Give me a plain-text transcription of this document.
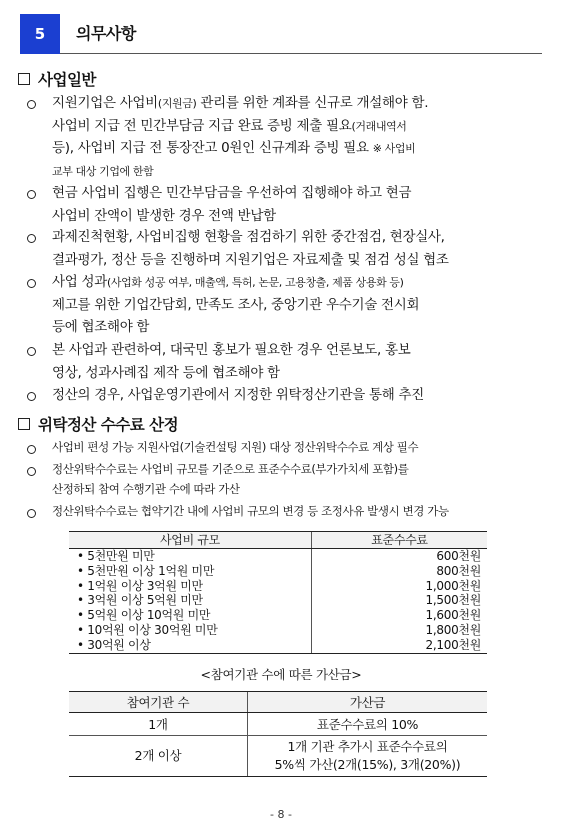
5	의무사항
사업일반
지원기업은 사업비(지원금) 관리를 위한 계좌를 신규로 개설해야 함.
사업비 지급 전 민간부담금 지급 완료 증빙 제출 필요(거래내역서
등), 사업비 지급 전 통장잔고 0원인 신규계좌 증빙 필요 ※ 사업비
교부 대상 기업에 한함
현금 사업비 집행은 민간부담금을 우선하여 집행해야 하고 현금
사업비 잔액이 발생한 경우 전액 반납함
과제진척현황, 사업비집행 현황을 점검하기 위한 중간점검, 현장실사,
결과평가, 정산 등을 진행하며 지원기업은 자료제출 및 점검 성실 협조
사업 성과(사업화 성공 여부, 매출액, 특허, 논문, 고용창출, 제품 상용화 등)
제고를 위한 기업간담회, 만족도 조사, 중앙기관 우수기술 전시회
등에 협조해야 함
본 사업과 관련하여, 대국민 홍보가 필요한 경우 언론보도, 홍보
영상, 성과사례집 제작 등에 협조해야 함
정산의 경우, 사업운영기관에서 지정한 위탁정산기관을 통해 추진
위탁정산 수수료 산정
사업비 편성 가능 지원사업(기술컨설팅 지원) 대상 정산위탁수수료 계상 필수
정산위탁수수료는 사업비 규모를 기준으로 표준수수료(부가가치세 포함)를
산정하되 참여 수행기관 수에 따라 가산
정산위탁수수료는 협약기간 내에 사업비 규모의 변경 등 조정사유 발생시 변경 가능
사업비 규모	표준수수료
• 5천만원 미만	600천원
• 5천만원 이상 1억원 미만	800천원
• 1억원 이상 3억원 미만	1,000천원
• 3억원 이상 5억원 미만	1,500천원
• 5억원 이상 10억원 미만	1,600천원
• 10억원 이상 30억원 미만	1,800천원
• 30억원 이상	2,100천원
<참여기관 수에 따른 가산금>
참여기관 수	가산금
1개	표준수수료의 10%
2개 이상	1개 기관 추가시 표준수수료의
5%씩 가산(2개(15%), 3개(20%))
- 8 -
